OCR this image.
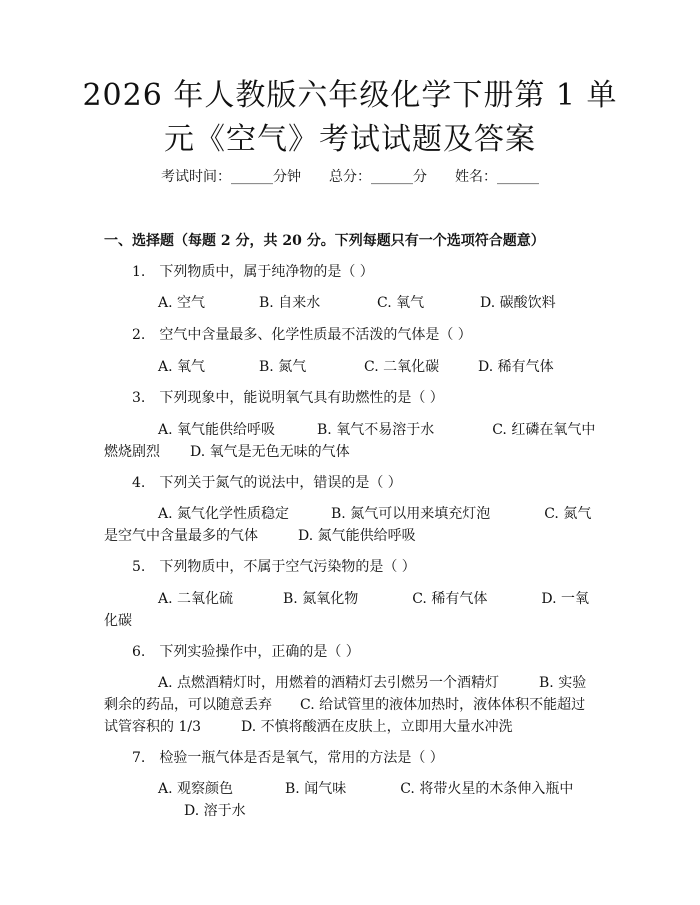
2026 年人教版六年级化学下册第 1 单元《空气》考试试题及答案
考试时间：______分钟　　 总分：______分　　 姓名：______
一、选择题（每题 2 分，共 20 分。下列每题只有一个选项符合题意）
1.　下列物质中，属于纯净物的是（ ）
A. 空气	B. 自来水	C. 氧气	D. 碳酸饮料
2.　空气中含量最多、化学性质最不活泼的气体是（ ）
A. 氧气	B. 氮气	C. 二氧化碳	D. 稀有气体
3.　下列现象中，能说明氧气具有助燃性的是（ ）
A. 氧气能供给呼吸	B. 氧气不易溶于水	C. 红磷在氧气中燃烧剧烈 D. 氧气是无色无味的气体
4.　下列关于氮气的说法中，错误的是（ ）
A. 氮气化学性质稳定	B. 氮气可以用来填充灯泡	C. 氮气是空气中含量最多的气体	D. 氮气能供给呼吸
5.　下列物质中，不属于空气污染物的是（ ）
A. 二氧化硫	B. 氮氧化物	C. 稀有气体	D. 一氧化碳
6.　下列实验操作中，正确的是（ ）
A. 点燃酒精灯时，用燃着的酒精灯去引燃另一个酒精灯	B. 实验剩余的药品，可以随意丢弃 C. 给试管里的液体加热时，液体体积不能超过试管容积的 1/3	D. 不慎将酸洒在皮肤上，立即用大量水冲洗
7.　检验一瓶气体是否是氧气，常用的方法是（ ）
A. 观察颜色	B. 闻气味	C. 将带火星的木条伸入瓶中D. 溶于水
